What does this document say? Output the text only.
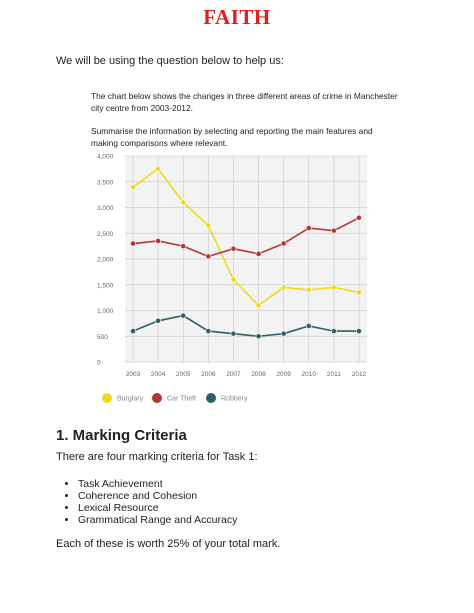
FAITH
We will be using the question below to help us:
The chart below shows the changes in three different areas of crime in Manchester city centre from 2003-2012.
Summarise the information by selecting and reporting the main features and making comparisons where relevant.
4,000
3,500
3,000
2,500
2,000
1,500
1,000
500
0
2003 2004 2005 2006 2007 2008 2009 2010 2011 2012
Burglary	Car Theft	Robbery
1. Marking Criteria
There are four marking criteria for Task 1:
• Task Achievement
• Coherence and Cohesion
• Lexical Resource
• Grammatical Range and Accuracy
Each of these is worth 25% of your total mark.
